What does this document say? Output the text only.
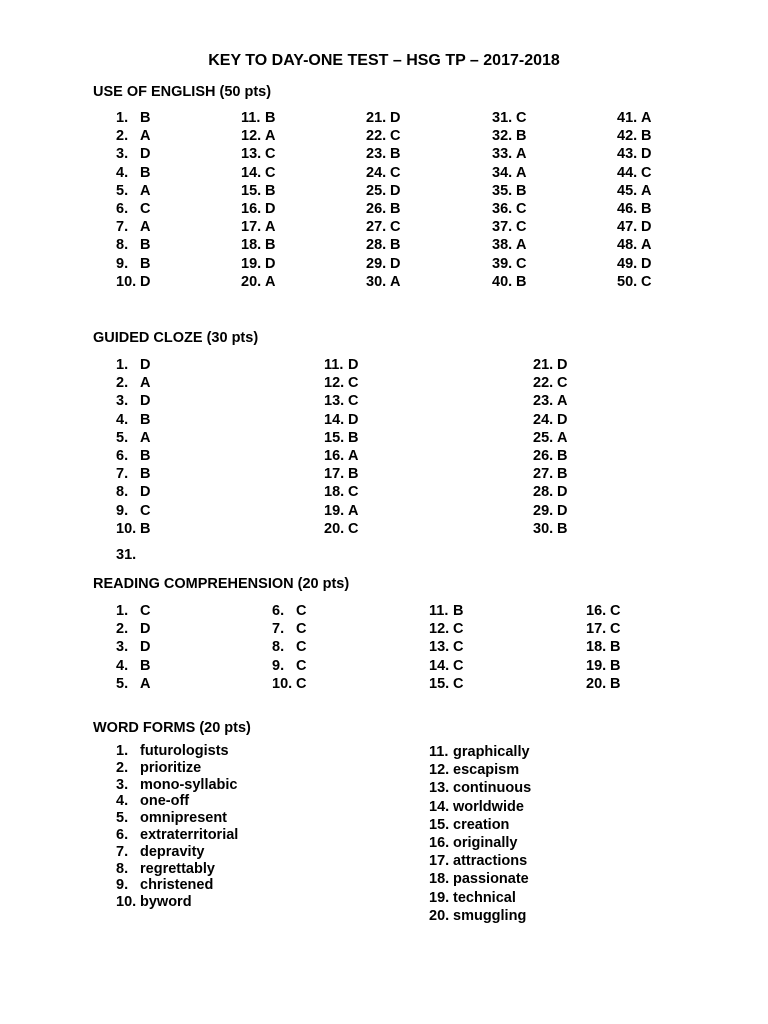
KEY TO DAY-ONE TEST – HSG TP – 2017-2018
USE OF ENGLISH (50 pts)
1. B
2. A
3. D
4. B
5. A
6. C
7. A
8. B
9. B
10. D
11. B
12. A
13. C
14. C
15. B
16. D
17. A
18. B
19. D
20. A
21. D
22. C
23. B
24. C
25. D
26. B
27. C
28. B
29. D
30. A
31. C
32. B
33. A
34. A
35. B
36. C
37. C
38. A
39. C
40. B
41. A
42. B
43. D
44. C
45. A
46. B
47. D
48. A
49. D
50. C
GUIDED CLOZE (30 pts)
1. D
2. A
3. D
4. B
5. A
6. B
7. B
8. D
9. C
10. B
11. D
12. C
13. C
14. D
15. B
16. A
17. B
18. C
19. A
20. C
21. D
22. C
23. A
24. D
25. A
26. B
27. B
28. D
29. D
30. B
31.
READING COMPREHENSION (20 pts)
1. C
2. D
3. D
4. B
5. A
6. C
7. C
8. C
9. C
10. C
11. B
12. C
13. C
14. C
15. C
16. C
17. C
18. B
19. B
20. B
WORD FORMS (20 pts)
1. futurologists
2. prioritize
3. mono-syllabic
4. one-off
5. omnipresent
6. extraterritorial
7. depravity
8. regrettably
9. christened
10. byword
11. graphically
12. escapism
13. continuous
14. worldwide
15. creation
16. originally
17. attractions
18. passionate
19. technical
20. smuggling
